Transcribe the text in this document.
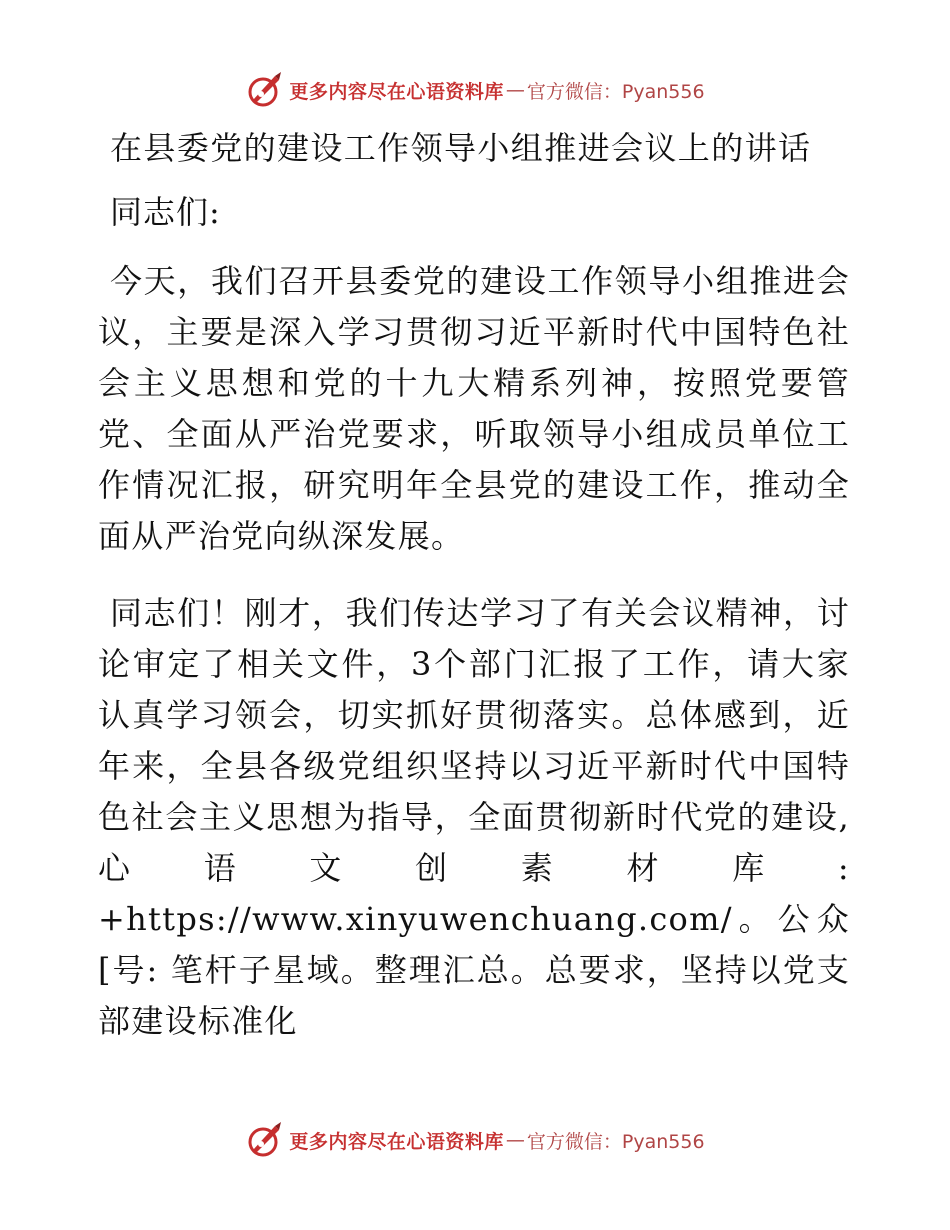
更多内容尽在心语资料库 — 官方微信：Pyan556
在县委党的建设工作领导小组推进会议上的讲话

同志们:

今天，我们召开县委党的建设工作领导小组推进会议，主要是深入学习贯彻习近平新时代中国特色社会主义思想和党的十九大精系列神，按照党要管党、全面从严治党要求，听取领导小组成员单位工作情况汇报，研究明年全县党的建设工作，推动全面从严治党向纵深发展。

同志们！刚才，我们传达学习了有关会议精神，讨论审定了相关文件，3个部门汇报了工作，请大家认真学习领会，切实抓好贯彻落实。总体感到，近年来，全县各级党组织坚持以习近平新时代中国特色社会主义思想为指导，全面贯彻新时代党的建设,心语文创素材库: +https://www.xinyuwenchuang.com/。公众[号: 笔杆子星域。整理汇总。总要求，坚持以党支部建设标准化

更多内容尽在心语资料库 — 官方微信：Pyan556
